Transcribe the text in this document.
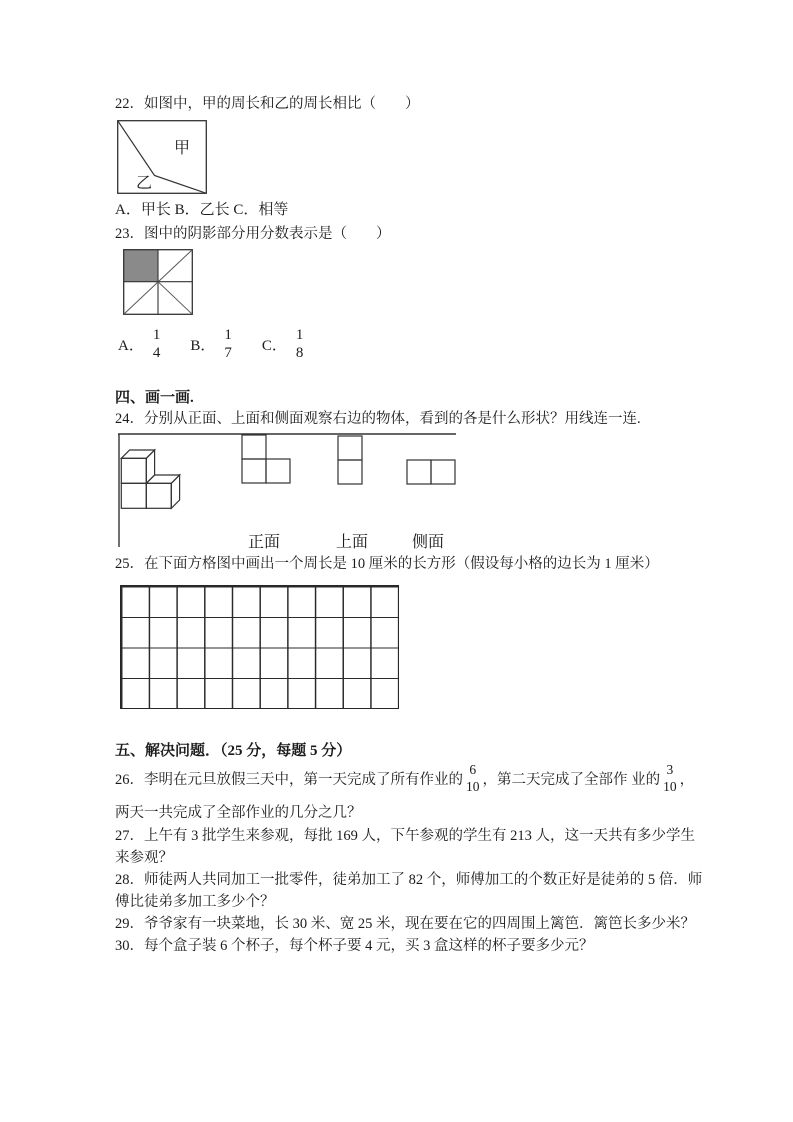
22．如图中，甲的周长和乙的周长相比（　　）
甲
乙
A．甲长 B．乙长 C．相等
23．图中的阴影部分用分数表示是（　　）
A．
1
4 B．
1
7 C．
1
8
四、画一画.
24．分别从正面、上面和侧面观察右边的物体，看到的各是什么形状？用线连一连.
正面	上面	侧面
25．在下面方格图中画出一个周长是 10 厘米的长方形（假设每小格的边长为 1 厘米）
五、解决问题．（25 分，每题 5 分）
26．李明在元旦放假三天中，第一天完成了所有作业的
6
10 ，第二天完成了全部作 业的
3
10 ，
两天一共完成了全部作业的几分之几？
27．上午有 3 批学生来参观，每批 169 人，下午参观的学生有 213 人，这一天共有多少学生
来参观？
28．师徒两人共同加工一批零件，徒弟加工了 82 个，师傅加工的个数正好是徒弟的 5 倍．师
傅比徒弟多加工多少个？
29．爷爷家有一块菜地，长 30 米、宽 25 米，现在要在它的四周围上篱笆．篱笆长多少米？
30．每个盒子装 6 个杯子，每个杯子要 4 元，买 3 盒这样的杯子要多少元？
